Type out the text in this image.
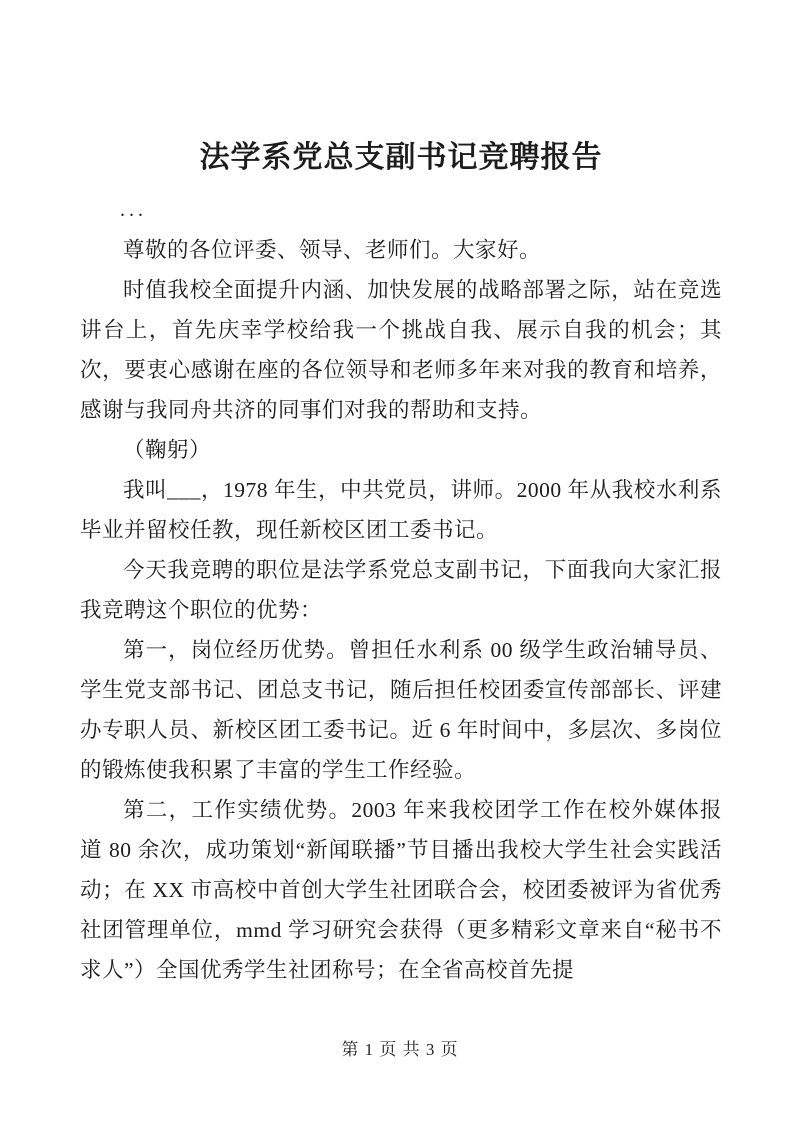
法学系党总支副书记竞聘报告

...

尊敬的各位评委、领导、老师们。大家好。

时值我校全面提升内涵、加快发展的战略部署之际，站在竞选讲台上，首先庆幸学校给我一个挑战自我、展示自我的机会；其次，要衷心感谢在座的各位领导和老师多年来对我的教育和培养，感谢与我同舟共济的同事们对我的帮助和支持。

（鞠躬）

我叫___，1978 年生，中共党员，讲师。2000 年从我校水利系毕业并留校任教，现任新校区团工委书记。

今天我竞聘的职位是法学系党总支副书记，下面我向大家汇报我竞聘这个职位的优势：

第一，岗位经历优势。曾担任水利系 00 级学生政治辅导员、学生党支部书记、团总支书记，随后担任校团委宣传部部长、评建办专职人员、新校区团工委书记。近 6 年时间中，多层次、多岗位的锻炼使我积累了丰富的学生工作经验。

第二，工作实绩优势。2003 年来我校团学工作在校外媒体报道 80 余次，成功策划“新闻联播”节目播出我校大学生社会实践活动；在 XX 市高校中首创大学生社团联合会，校团委被评为省优秀社团管理单位，mmd 学习研究会获得（更多精彩文章来自“秘书不求人”）全国优秀学生社团称号；在全省高校首先提

第 1 页 共 3 页
